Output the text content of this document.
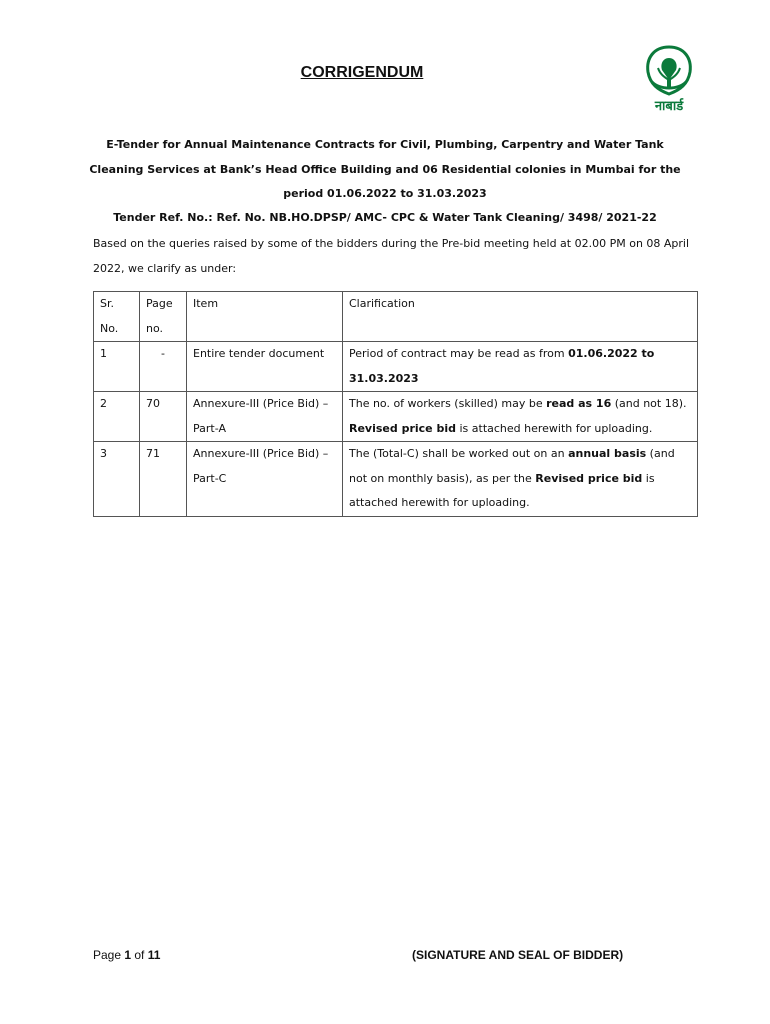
CORRIGENDUM
नाबार्ड
E-Tender for Annual Maintenance Contracts for Civil, Plumbing, Carpentry and Water Tank
Cleaning Services at Bank’s Head Office Building and 06 Residential colonies in Mumbai for the
period 01.06.2022 to 31.03.2023
Tender Ref. No.: Ref. No. NB.HO.DPSP/ AMC- CPC & Water Tank Cleaning/ 3498/ 2021-22
Based on the queries raised by some of the bidders during the Pre-bid meeting held at 02.00 PM on 08 April 2022, we clarify as under:
Sr. No.	Page no.	Item	Clarification
1	-	Entire tender document	Period of contract may be read as from 01.06.2022 to 31.03.2023
2	70	Annexure-III (Price Bid) – Part-A	The no. of workers (skilled) may be read as 16 (and not 18). Revised price bid is attached herewith for uploading.
3	71	Annexure-III (Price Bid) – Part-C	The (Total-C) shall be worked out on an annual basis (and not on monthly basis), as per the Revised price bid is attached herewith for uploading.
Page 1 of 11	(SIGNATURE AND SEAL OF BIDDER)
